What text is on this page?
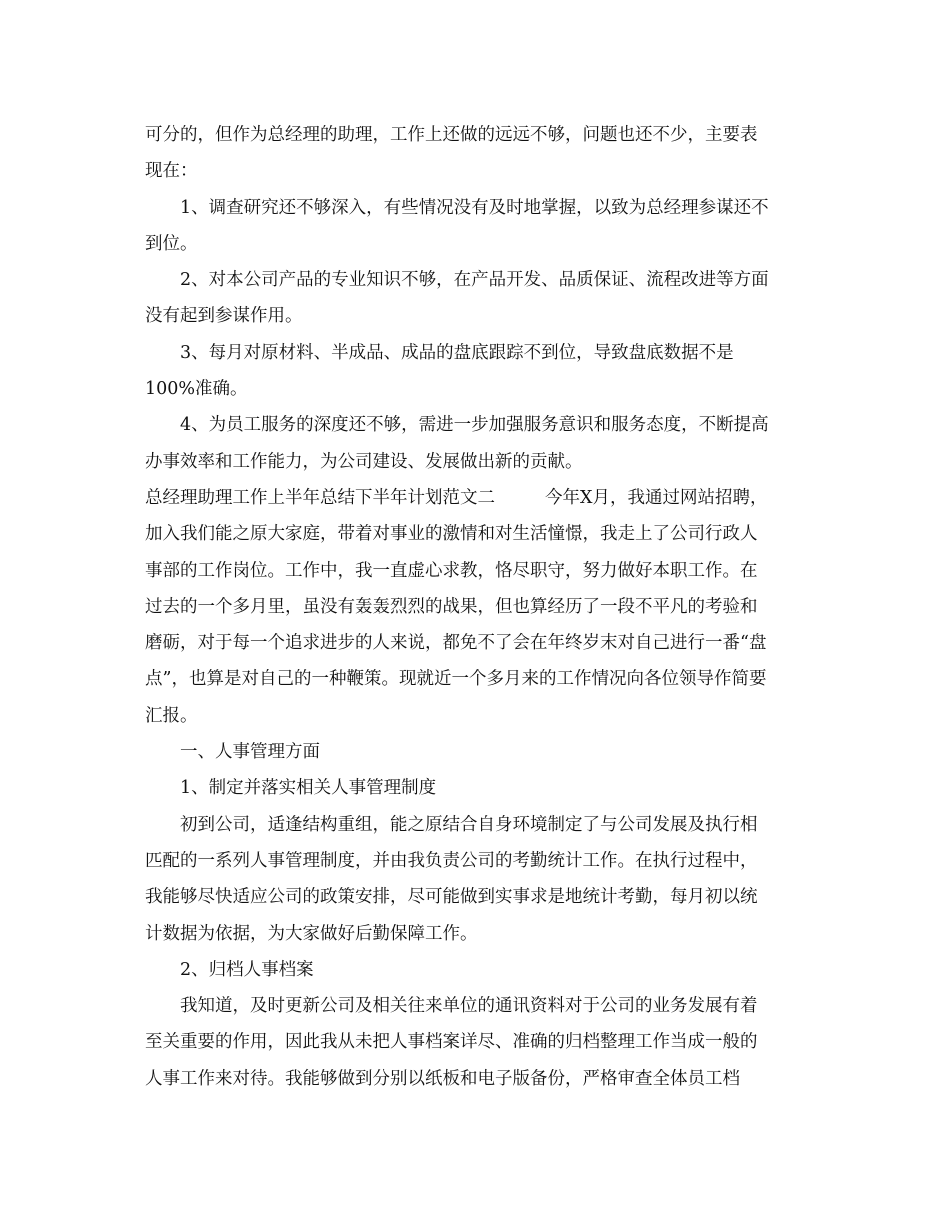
可分的，但作为总经理的助理，工作上还做的远远不够，问题也还不少，主要表
现在：
1、调查研究还不够深入，有些情况没有及时地掌握，以致为总经理参谋还不
到位。
2、对本公司产品的专业知识不够，在产品开发、品质保证、流程改进等方面
没有起到参谋作用。
3、每月对原材料、半成品、成品的盘底跟踪不到位，导致盘底数据不是
100%准确。
4、为员工服务的深度还不够，需进一步加强服务意识和服务态度，不断提高
办事效率和工作能力，为公司建设、发展做出新的贡献。
总经理助理工作上半年总结下半年计划范文二	今年X月，我通过网站招聘，
加入我们能之原大家庭，带着对事业的激情和对生活憧憬，我走上了公司行政人
事部的工作岗位。工作中，我一直虚心求教，恪尽职守，努力做好本职工作。在
过去的一个多月里，虽没有轰轰烈烈的战果，但也算经历了一段不平凡的考验和
磨砺，对于每一个追求进步的人来说，都免不了会在年终岁末对自己进行一番“盘
点”，也算是对自己的一种鞭策。现就近一个多月来的工作情况向各位领导作简要
汇报。
一、人事管理方面
1、制定并落实相关人事管理制度
初到公司，适逢结构重组，能之原结合自身环境制定了与公司发展及执行相
匹配的一系列人事管理制度，并由我负责公司的考勤统计工作。在执行过程中，
我能够尽快适应公司的政策安排，尽可能做到实事求是地统计考勤，每月初以统
计数据为依据，为大家做好后勤保障工作。
2、归档人事档案
我知道，及时更新公司及相关往来单位的通讯资料对于公司的业务发展有着
至关重要的作用，因此我从未把人事档案详尽、准确的归档整理工作当成一般的
人事工作来对待。我能够做到分别以纸板和电子版备份，严格审查全体员工档
